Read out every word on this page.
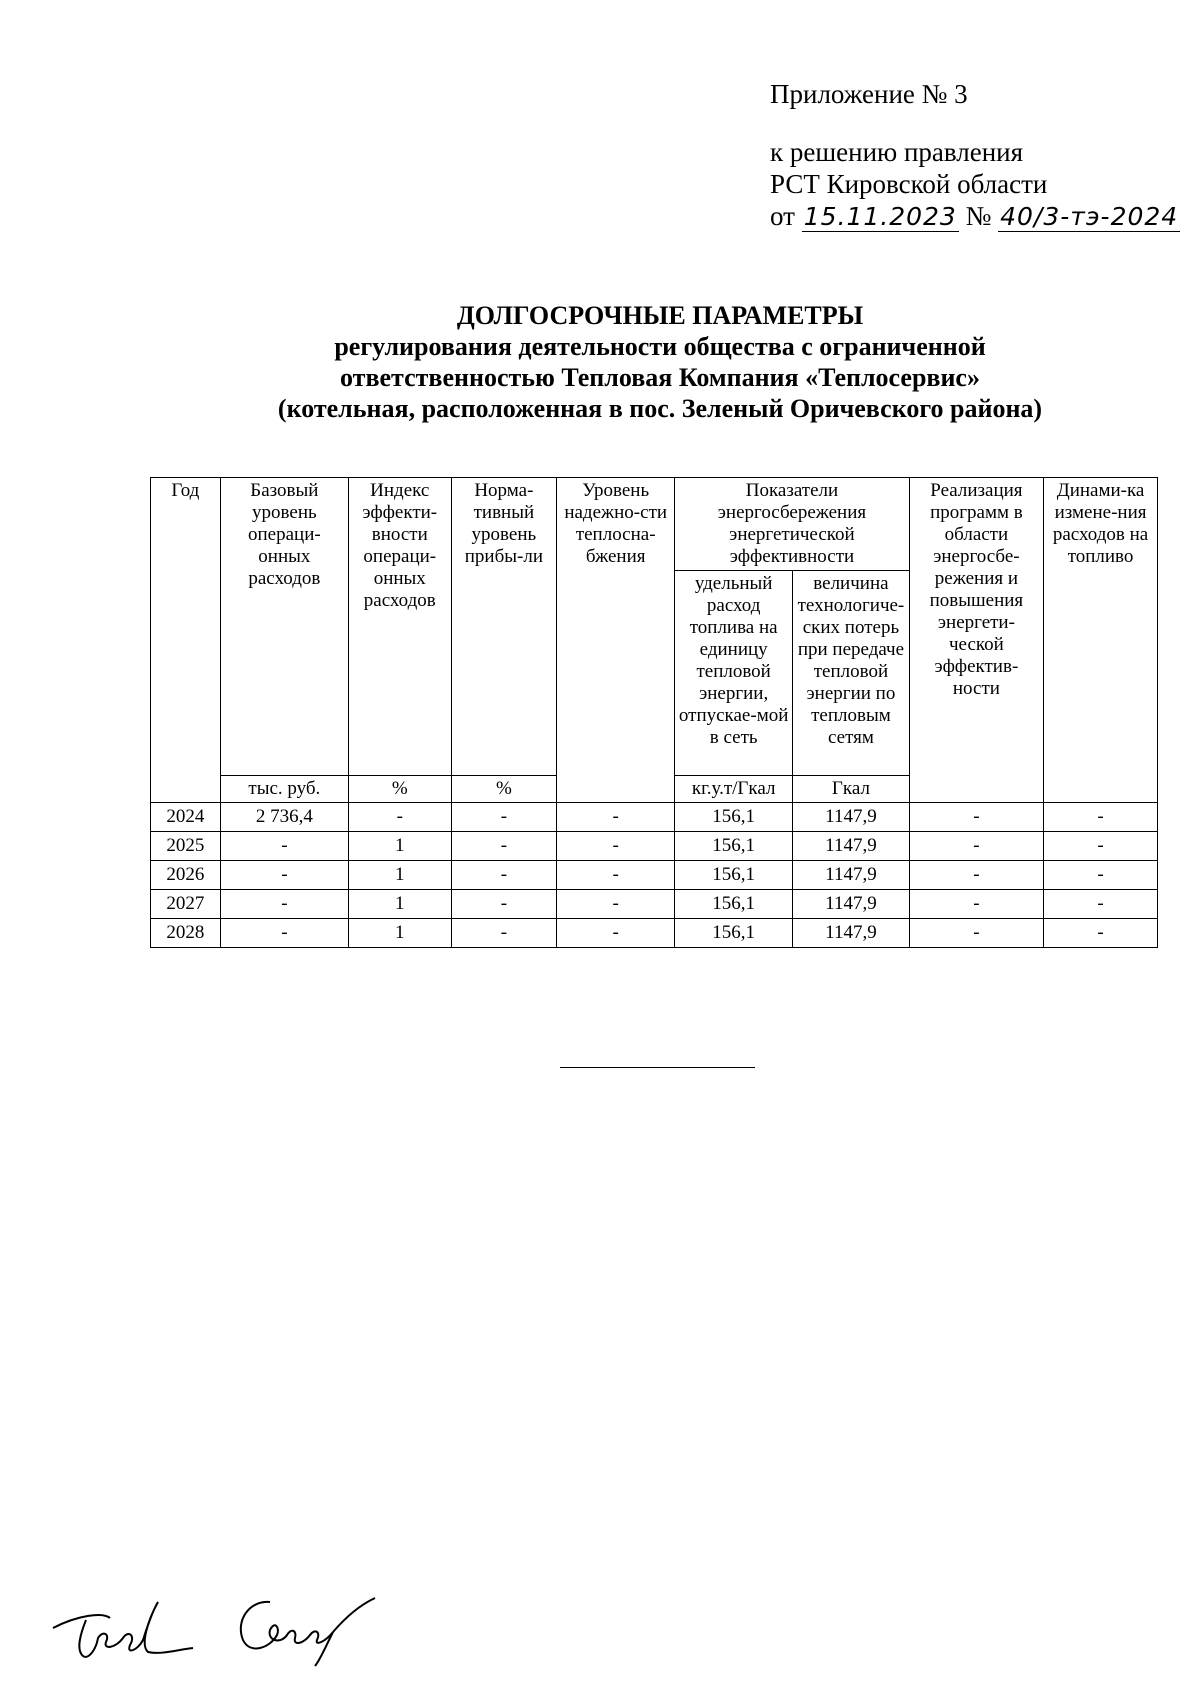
Приложение № 3
к решению правления
РСТ Кировской области
от 15.11.2023 № 40/3-тэ-2024
ДОЛГОСРОЧНЫЕ ПАРАМЕТРЫ
регулирования деятельности общества с ограниченной
ответственностью Тепловая Компания «Теплосервис»
(котельная, расположенная в пос. Зеленый Оричевского района)
Год	Базовый уровень операци-онных расходов	Индекс эффекти-вности операци-онных расходов	Норма-тивный уровень прибы-ли	Уровень надежно-сти теплосна-бжения	Показатели энергосбережения энергетической эффективности		Реализация программ в области энергосбе-режения и повышения энергети-ческой эффектив-ности	Динами-ка измене-ния расходов на топливо
					удельный расход топлива на единицу тепловой энергии, отпускае-мой в сеть	величина технологиче-ских потерь при передаче тепловой энергии по тепловым сетям		
	тыс. руб.	%	%		кг.у.т/Гкал	Гкал		
2024	2 736,4	-	-	-	156,1	1147,9	-	-
2025	-	1	-	-	156,1	1147,9	-	-
2026	-	1	-	-	156,1	1147,9	-	-
2027	-	1	-	-	156,1	1147,9	-	-
2028	-	1	-	-	156,1	1147,9	-	-
